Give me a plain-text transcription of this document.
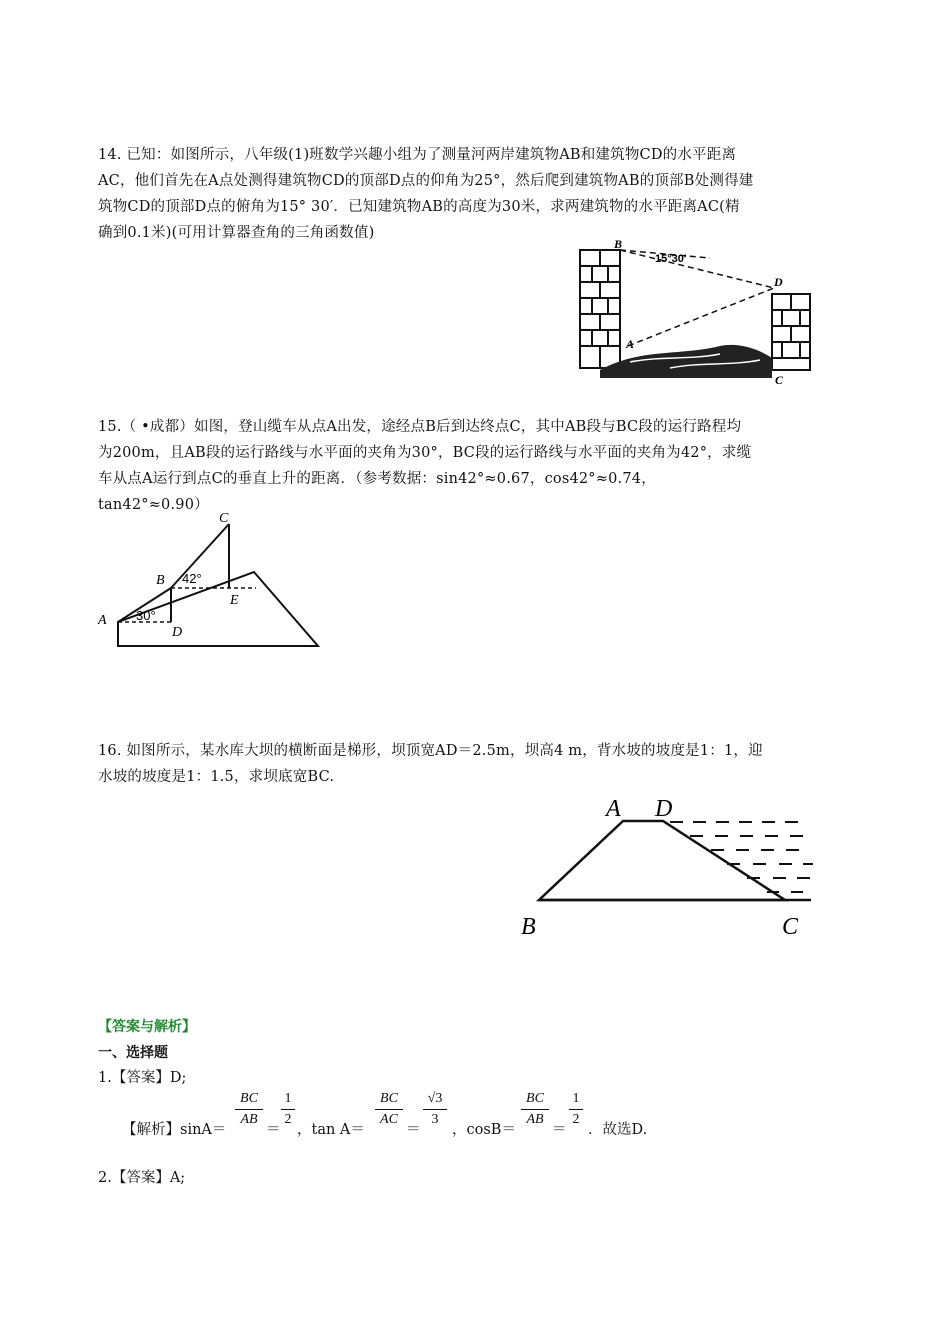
14. 已知：如图所示，八年级(1)班数学兴趣小组为了测量河两岸建筑物AB和建筑物CD的水平距离
AC，他们首先在A点处测得建筑物CD的顶部D点的仰角为25°，然后爬到建筑物AB的顶部B处测得建
筑物CD的顶部D点的俯角为15° 30′．已知建筑物AB的高度为30米，求两建筑物的水平距离AC(精
确到0.1米)(可用计算器查角的三角函数值)
B
15°30′
D
A
C
15.（ •成都）如图，登山缆车从点A出发，途经点B后到达终点C，其中AB段与BC段的运行路程均
为200m，且AB段的运行路线与水平面的夹角为30°，BC段的运行路线与水平面的夹角为42°，求缆
车从点A运行到点C的垂直上升的距离．（参考数据：sin42°≈0.67，cos42°≈0.74，
tan42°≈0.90）
C
B 42°
E
A 30°
D
16. 如图所示，某水库大坝的横断面是梯形，坝顶宽AD＝2.5m，坝高4 m，背水坡的坡度是1：1，迎
水坡的坡度是1：1.5，求坝底宽BC.
A D
B	C
【答案与解析】
一、选择题
1.【答案】D;
【解析】sinA＝
BC
AB
＝
1
2
，tan A＝
BC
AC
＝
√3
3
，cosB＝
BC
AB
＝
1
2
．故选D.
2.【答案】A;
